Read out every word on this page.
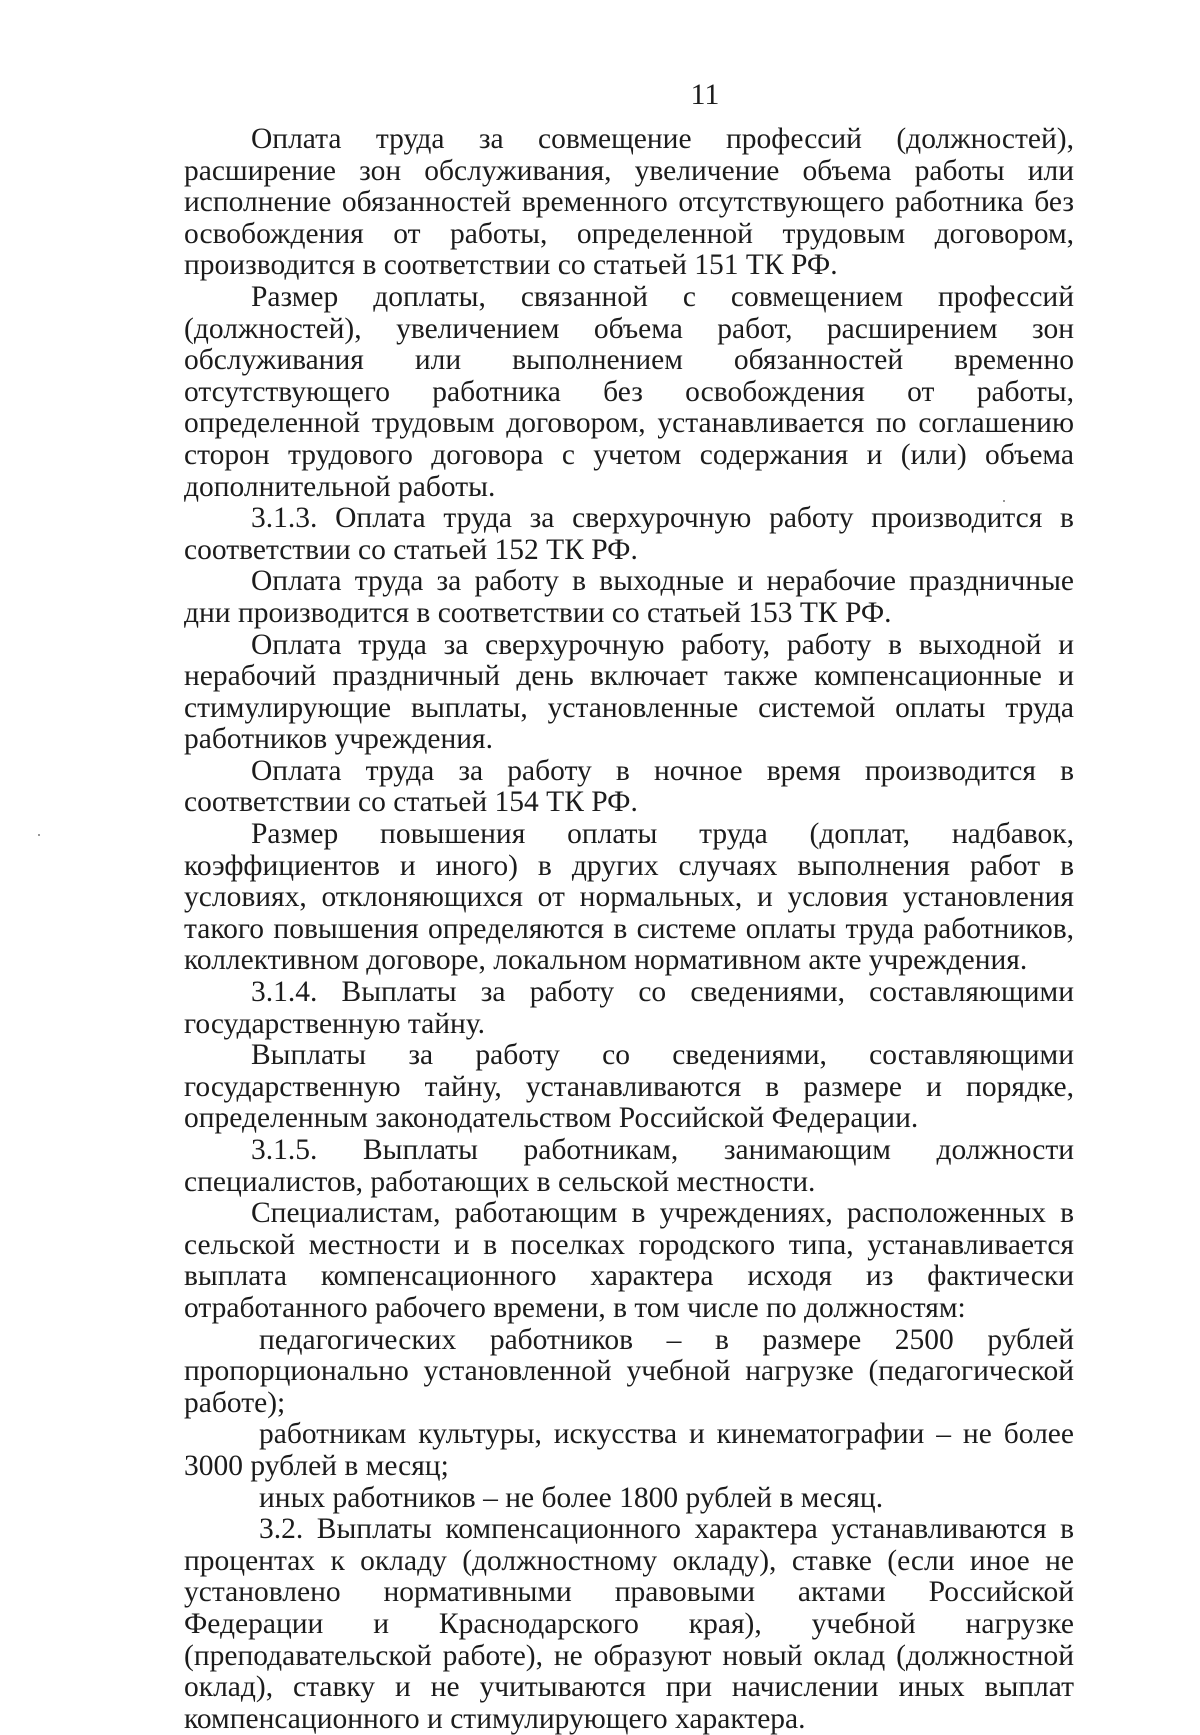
11

Оплата труда за совмещение профессий (должностей), расширение зон обслуживания, увеличение объема работы или исполнение обязанностей временного отсутствующего работника без освобождения от работы, определенной трудовым договором, производится в соответствии со статьей 151 ТК РФ.

Размер доплаты, связанной с совмещением профессий (должностей), увеличением объема работ, расширением зон обслуживания или выполнением обязанностей временно отсутствующего работника без освобождения от работы, определенной трудовым договором, устанавливается по соглашению сторон трудового договора с учетом содержания и (или) объема дополнительной работы.

3.1.3. Оплата труда за сверхурочную работу производится в соответствии со статьей 152 ТК РФ.

Оплата труда за работу в выходные и нерабочие праздничные дни производится в соответствии со статьей 153 ТК РФ.

Оплата труда за сверхурочную работу, работу в выходной и нерабочий праздничный день включает также компенсационные и стимулирующие выплаты, установленные системой оплаты труда работников учреждения.

Оплата труда за работу в ночное время производится в соответствии со статьей 154 ТК РФ.

Размер повышения оплаты труда (доплат, надбавок, коэффициентов и иного) в других случаях выполнения работ в условиях, отклоняющихся от нормальных, и условия установления такого повышения определяются в системе оплаты труда работников, коллективном договоре, локальном нормативном акте учреждения.

3.1.4. Выплаты за работу со сведениями, составляющими государственную тайну.

Выплаты за работу со сведениями, составляющими государственную тайну, устанавливаются в размере и порядке, определенным законодательством Российской Федерации.

3.1.5. Выплаты работникам, занимающим должности специалистов, работающих в сельской местности.

Специалистам, работающим в учреждениях, расположенных в сельской местности и в поселках городского типа, устанавливается выплата компенсационного характера исходя из фактически отработанного рабочего времени, в том числе по должностям:

педагогических работников – в размере 2500 рублей пропорционально установленной учебной нагрузке (педагогической работе);

работникам культуры, искусства и кинематографии – не более 3000 рублей в месяц;

иных работников – не более 1800 рублей в месяц.

3.2. Выплаты компенсационного характера устанавливаются в процентах к окладу (должностному окладу), ставке (если иное не установлено нормативными правовыми актами Российской Федерации и Краснодарского края), учебной нагрузке (преподавательской работе), не образуют новый оклад (должностной оклад), ставку и не учитываются при начислении иных выплат компенсационного и стимулирующего характера.
